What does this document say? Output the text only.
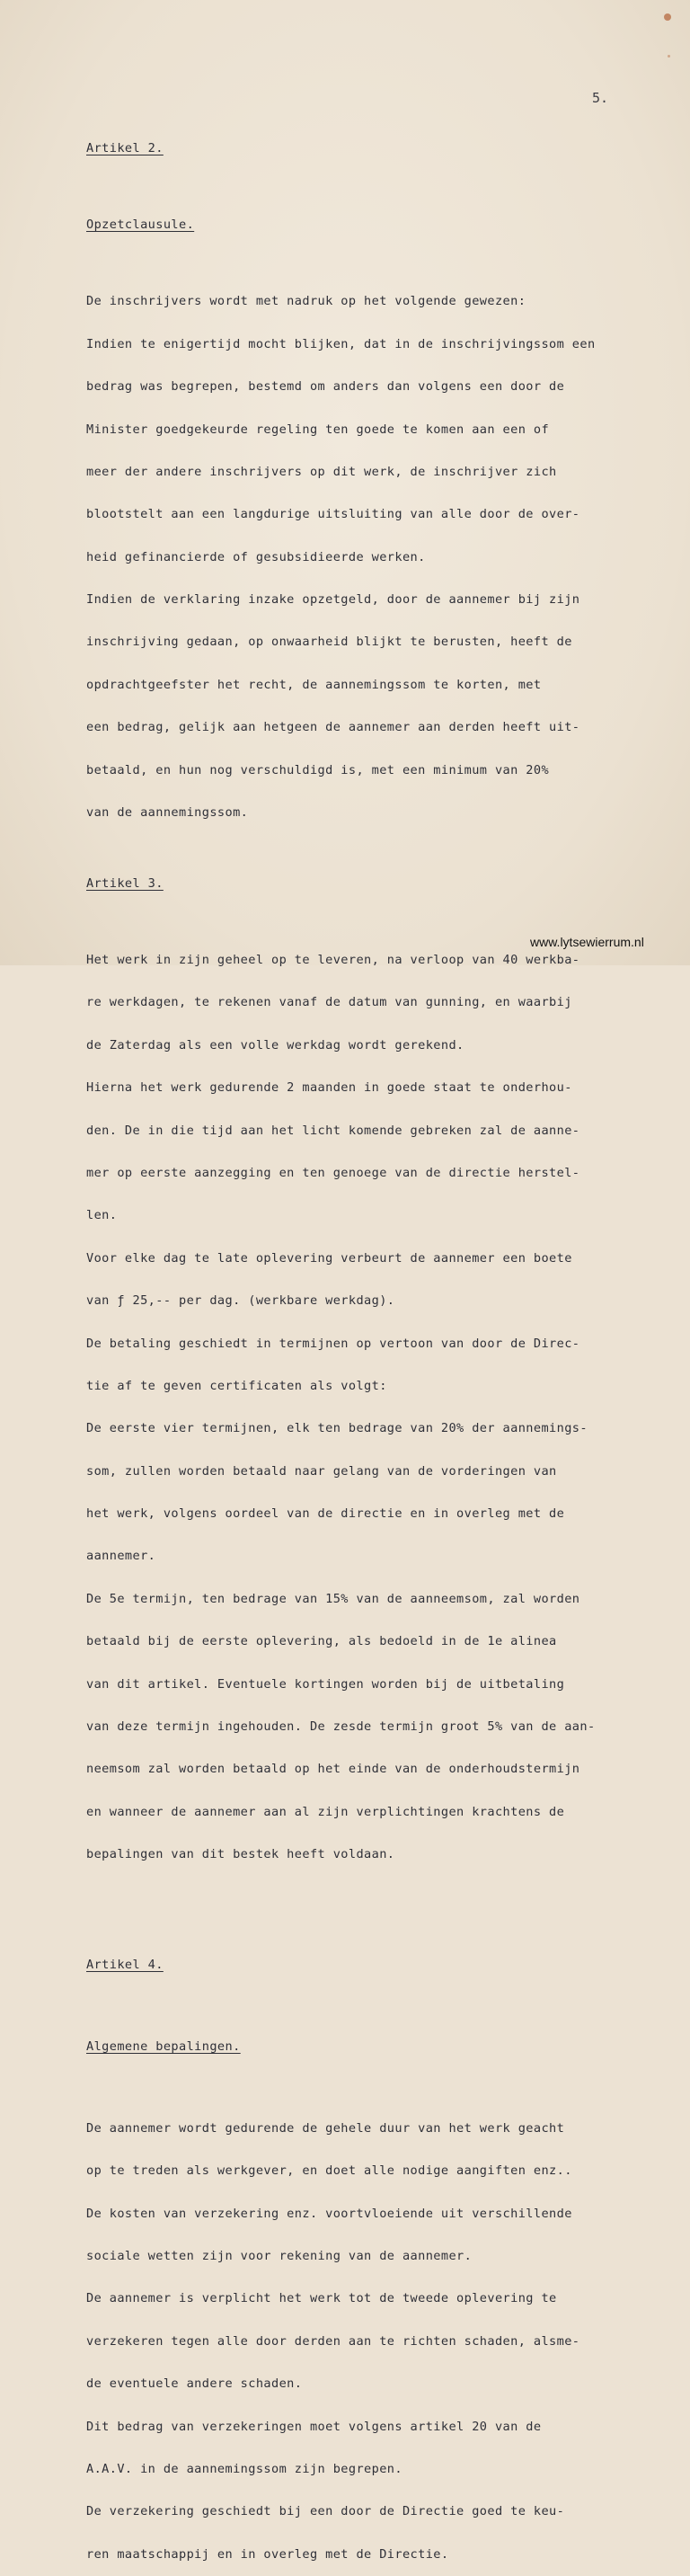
5.

Artikel 2.

Opzetclausule.

De inschrijvers wordt met nadruk op het volgende gewezen:

Indien te enigertijd mocht blijken, dat in de inschrijvingssom een

bedrag was begrepen, bestemd om anders dan volgens een door de

Minister goedgekeurde regeling ten goede te komen aan een of

meer der andere inschrijvers op dit werk, de inschrijver zich

blootstelt aan een langdurige uitsluiting van alle door de over-

heid gefinancierde of gesubsidieerde werken.

Indien de verklaring inzake opzetgeld, door de aannemer bij zijn

inschrijving gedaan, op onwaarheid blijkt te berusten, heeft de

opdrachtgeefster het recht, de aannemingssom te korten, met

een bedrag, gelijk aan hetgeen de aannemer aan derden heeft uit-

betaald, en hun nog verschuldigd is, met een minimum van 20%

van de aannemingssom.

Artikel 3.

Het werk in zijn geheel op te leveren, na verloop van 40 werkba-

re werkdagen, te rekenen vanaf de datum van gunning, en waarbij

de Zaterdag als een volle werkdag wordt gerekend.

Hierna het werk gedurende 2 maanden in goede staat te onderhou-

den. De in die tijd aan het licht komende gebreken zal de aanne-

mer op eerste aanzegging en ten genoege van de directie herstel-

len.

Voor elke dag te late oplevering verbeurt de aannemer een boete

van ƒ 25,-- per dag. (werkbare werkdag).

De betaling geschiedt in termijnen op vertoon van door de Direc-

tie af te geven certificaten als volgt:

De eerste vier termijnen, elk ten bedrage van 20% der aannemings-

som, zullen worden betaald naar gelang van de vorderingen van

het werk, volgens oordeel van de directie en in overleg met de

aannemer.

De 5e termijn, ten bedrage van 15% van de aanneemsom, zal worden

betaald bij de eerste oplevering, als bedoeld in de 1e alinea

van dit artikel. Eventuele kortingen worden bij de uitbetaling

van deze termijn ingehouden. De zesde termijn groot 5% van de aan-

neemsom zal worden betaald op het einde van de onderhoudstermijn

en wanneer de aannemer aan al zijn verplichtingen krachtens de

bepalingen van dit bestek heeft voldaan.

Artikel 4.

Algemene bepalingen.

De aannemer wordt gedurende de gehele duur van het werk geacht

op te treden als werkgever, en doet alle nodige aangiften enz..

De kosten van verzekering enz. voortvloeiende uit verschillende

sociale wetten zijn voor rekening van de aannemer.

De aannemer is verplicht het werk tot de tweede oplevering te

verzekeren tegen alle door derden aan te richten schaden, alsme-

de eventuele andere schaden.

Dit bedrag van verzekeringen moet volgens artikel 20 van de

A.A.V. in de aannemingssom zijn begrepen.

De verzekering geschiedt bij een door de Directie goed te keu-

ren maatschappij en in overleg met de Directie.

www.lytsewierrum.nl
